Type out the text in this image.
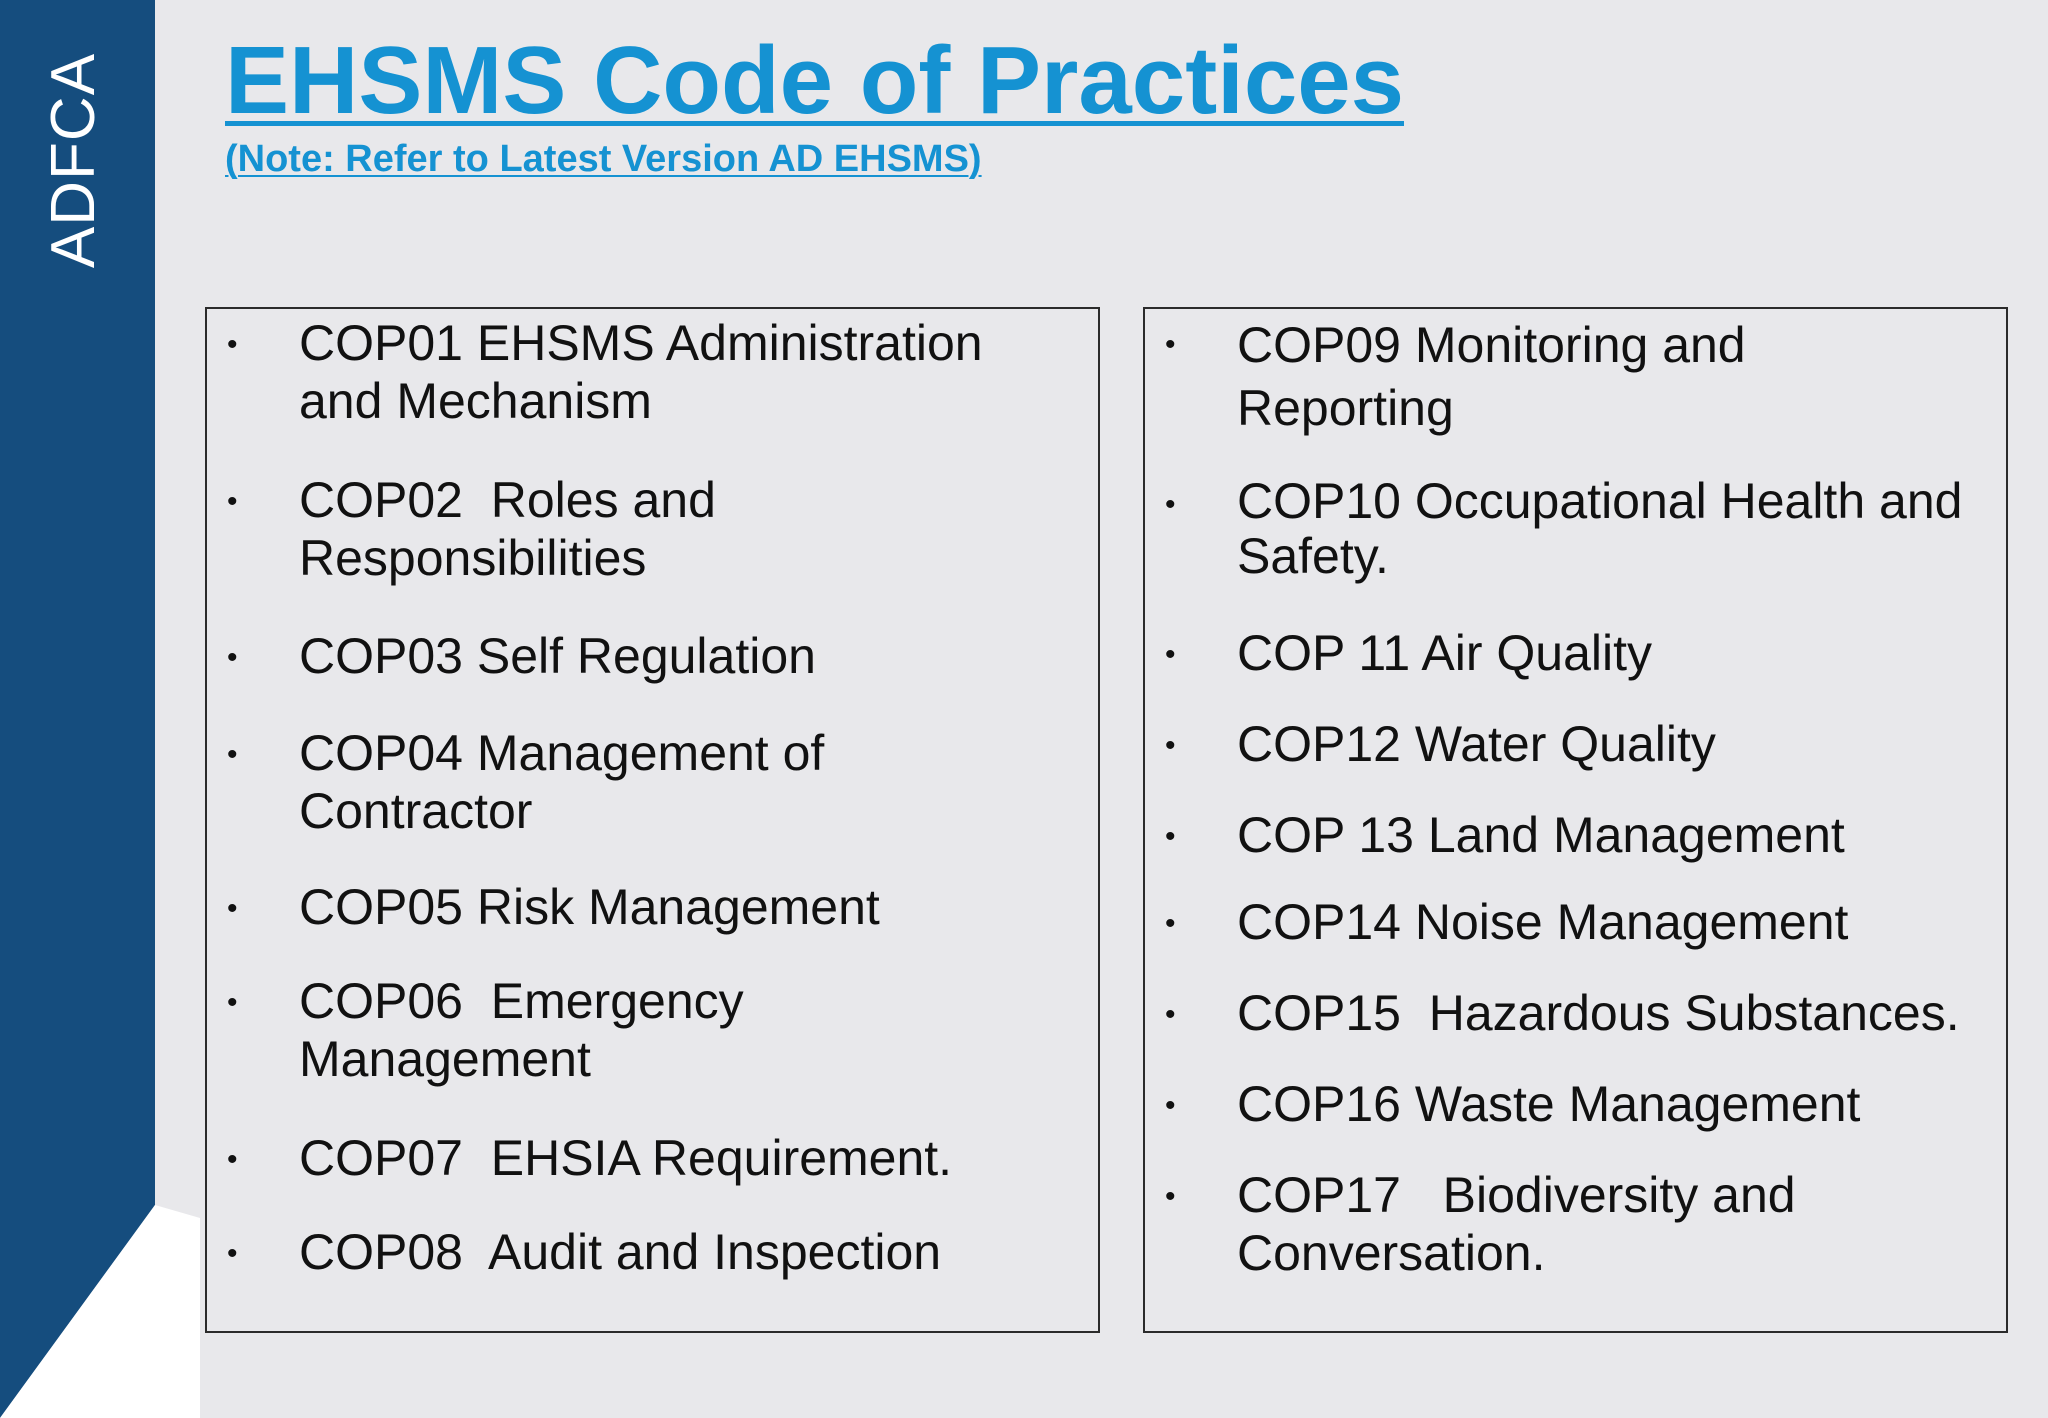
ADFCA EHSMS Code of Practices
(Note: Refer to Latest Version AD EHSMS)
•	COP01 EHSMS Administration and Mechanism
•	COP02  Roles and Responsibilities
•	COP03 Self Regulation
•	COP04 Management of Contractor
•	COP05 Risk Management
•	COP06  Emergency Management
•	COP07  EHSIA Requirement.
•	COP08  Audit and Inspection
•	COP09 Monitoring and Reporting
•	COP10 Occupational Health and Safety.
•	COP 11 Air Quality
•	COP12 Water Quality
•	COP 13 Land Management
•	COP14 Noise Management
•	COP15  Hazardous Substances.
•	COP16 Waste Management
•	COP17   Biodiversity and Conversation.
